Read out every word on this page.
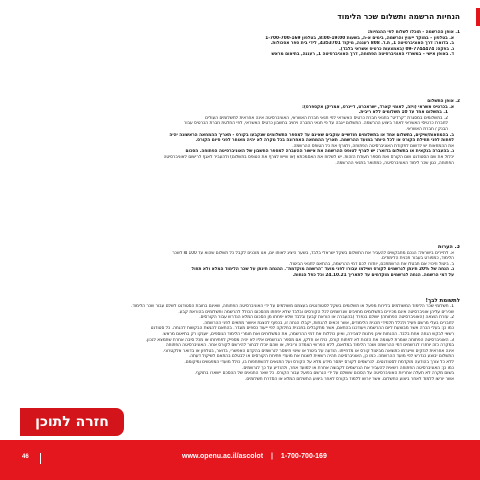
הנחיות הרשמה ותשלום שכר הלימוד
1. אופן ההרשמה - תוכלו לשלוח לפי ההנחיות:
א. בטלפון – במוקד ייעוץ והרשמה, בימים א-ה, בשעות 8:00-19:00, בטלפון 1-700-700-169
ב. בדואר: דרך האוניברסיטה 1, ת.ד. 808 רעננה, מיקוד 4353701, לידי בית ספר אסכולות.
ג. בפקס: 09-7744474 (באמצעות כרטיס אשראי בלבד).
ד. באופן אישי – במשרדי האוניברסיטה הפתוחה, דרך האוניברסיטה 1, רעננה, בתיאום מראש
2. אופן התשלום
א. בכרטיס אשראי (ויזה, לאומי קארד, ישראכרט, דיינרס, אמריקן אקספרס):
1. בתשלום אחד עד 10 תשלומים ללא ריבית.
2. בתשלומים במסגרת "קרדיט" בתנאי חברת כרטיס האשראי לפי תנאי חברת האשראי, האוניברסיטה אינה אחראית לתשלומים העולים
לחברת כרטיסי האשראי לאחר ביצוע ההרשמה. התשלום ייגבה על פי תנאי החברה ויחויב בחשבון כרטיס האשראי, לפי החלטת חברת הכרטיס עבור
הבנק / חברת האשראי.
ב. בהמחאות/שיקים, בתשלום אחד או בתשלומים חודשיים עוקבים שאינם עד למספר התשלומים שנקבעו בקורס - תאריך ההמחאה הראשונה יהיה
לפחות לפני תחילת הקורס או לכל היותר במועד ההרשמה. תאריך ההמחאה האחרונה בכל מקרה לא יהיה מאוחר לפני סיום הקורס.
את ההמחאות יש לרשום לפקודת האוניברסיטה הפתוחה, ולצרף את כל הטופס ההרשמה.
ג. בהעברה בנקאית או בתשלום בדואר: יש לצרף לטופס ההרשמה את אישור ההעברה למספר החשבון של האוניברסיטה הפתוחה. הסכום
יכלול את שם הסטודנט ושם הקורס ואת מספר תעודת הזהות. יש לשלוח את האסמכתא (או שייש לצרף את הטופס בתשלום) ולהעביר לאגף לרישום לאוניברסיטה
הפתוחה, כגון שכר לימוד האוניברסיטה, כמתואר בתנאי ההרשמה.
3. הערות
א. לתיירים בישראל: הנכם מתבקשים להעביר את התשלום בשקל ישראלי בלבד, בשער היציג לאותו יום, אנו מוכנים לקבל כל תשלום שהוא עד 100 ₪ לשכר
הלימוד, כמפורט בעבור תכנית הלימודים.
ב. ביטול וזיכוי: אם תבטלו את הרשמתכם, יוחזרו לכם דמי ההרשמה, בהתאם לתנאי הביטול.
ג. הנחה של 20% תינתן לנרשמים לקורס ושילמו עבורו לפני מועד "הרשמה מוקדמת". ההנחה תינתן על שכר הלימוד המלא ולא תחול
על דמי הרשמה. הנחה לנרשמים מוקדמים עד לתאריך 24.10.21 וכל כפל הנחות.
לתשומת לבך!
1. תשלומי שכר הלימוד המשולמים בלירות מפעל או תשלומים בשקל לסטודנטים בעצמם משולמים על ידי האוניברסיטה הפתוחה, שאינם בחובת הסטודנט לשלם עבור שכר הלימוד.
שכירים עליהן אוניברסיטה אינם מכירים בתשלומים מחויבים שנרשמים לכל הקורסים ובלבד שלא יפחתו מהסכום הכולל להרשמה ותשלומים בהוראת קבע.
2. עזרת הוצאה (האוניברסיטה הפתוחה) ישולם בנפרד (בהעברה או הוראת קבע) ובלבד שלא יפחתו מן הסכום המלא הנדרש עבור הקורסים.
לחברים בעלי מרשם פעיל ולכלל תלמידי תכנית הלימודים, אשר זכאים להנחות, יקבלו הנחה זו, בכפוף להצגת אישור מתאים לפני ההרשמה.
כמו כן: בעלי הכרה אשר מבוצעת ליום ההרשמה ויעודכנו בהתאם, אשר מתקבלים בתכנית בחלוקה לפי ייעוד כספים מוגדר. בהתאם להגשת הבקשות להנחה. כל סטודנט
רשאי לבקש הנחה אחת בלבד. ההנחות אינן ניתנות לצבירה, ואינן כוללות את דמי ההרשמה, את המשלוחים ואת חומרי הלימוד הנוספים, יוענקו רק בתיאום מראש.
3. האוניברסיטה הפתוחה שומרת לעצמה את הזכות לא לפתוח קורס, כולו או חלקו, אם מספר הנרשמים אליו לא יהיה מספיק לפתיחתו או מכל סיבה אחרת שתמצא לנכון.
במקרה כזה יוחזרו לנרשמים דמי ההרשמה ושכר הלימוד במלואם, ללא הפרשי הצמדה וריבית, או שהם יוכלו לבחור להירשם לקורס אחר. האוניברסיטה הפתוחה
אינה אחראית לנזקים שייגרמו כתוצאה מביטול קורס או מדחייתו. הודעה על ביטול או שינוי תימסר לנרשמים בהקדם האפשרי, בדואר, בטלפון או בדואר אלקטרוני.
התשלום יבוצע כנדרש לפי מועד ההרשמה. כמו כן, האוניברסיטה תהיה רשאית לשנות את מועדי פתיחת הקורסים או לבטלם בהתאם לשיקול דעתה.
ללא כל צורך בהודעה מוקדמת לסטודנטים. לנרשמים לקורס יימסר מידע מלא על הקורס ועל התנאים להשתתפות בו, כולל מועדי המפגשים ומיקומם.
כמו כן: האוניברסיטה הפתוחה רשאית להעביר את הנרשמים לקבוצה אחרת או למועד אחר, ולהודיע על כך לנרשמים.
בשום מקרה לא תעלה אחריות האוניברסיטה על הסכום ששולם על ידי הנרשם בפועל עבור הקורס. כל שאר התנאים של ההסכם יישארו בתוקף.
אשר יורשו ללמוד לאחר ביצוע התשלום. אשר יורשו ללמוד בקורס לאחר ביצוע התשלום המלא או הסדרת תשלומים.
חזרה לתוכן
www.openu.ac.il/ascolot | 1-700-700-169
46
